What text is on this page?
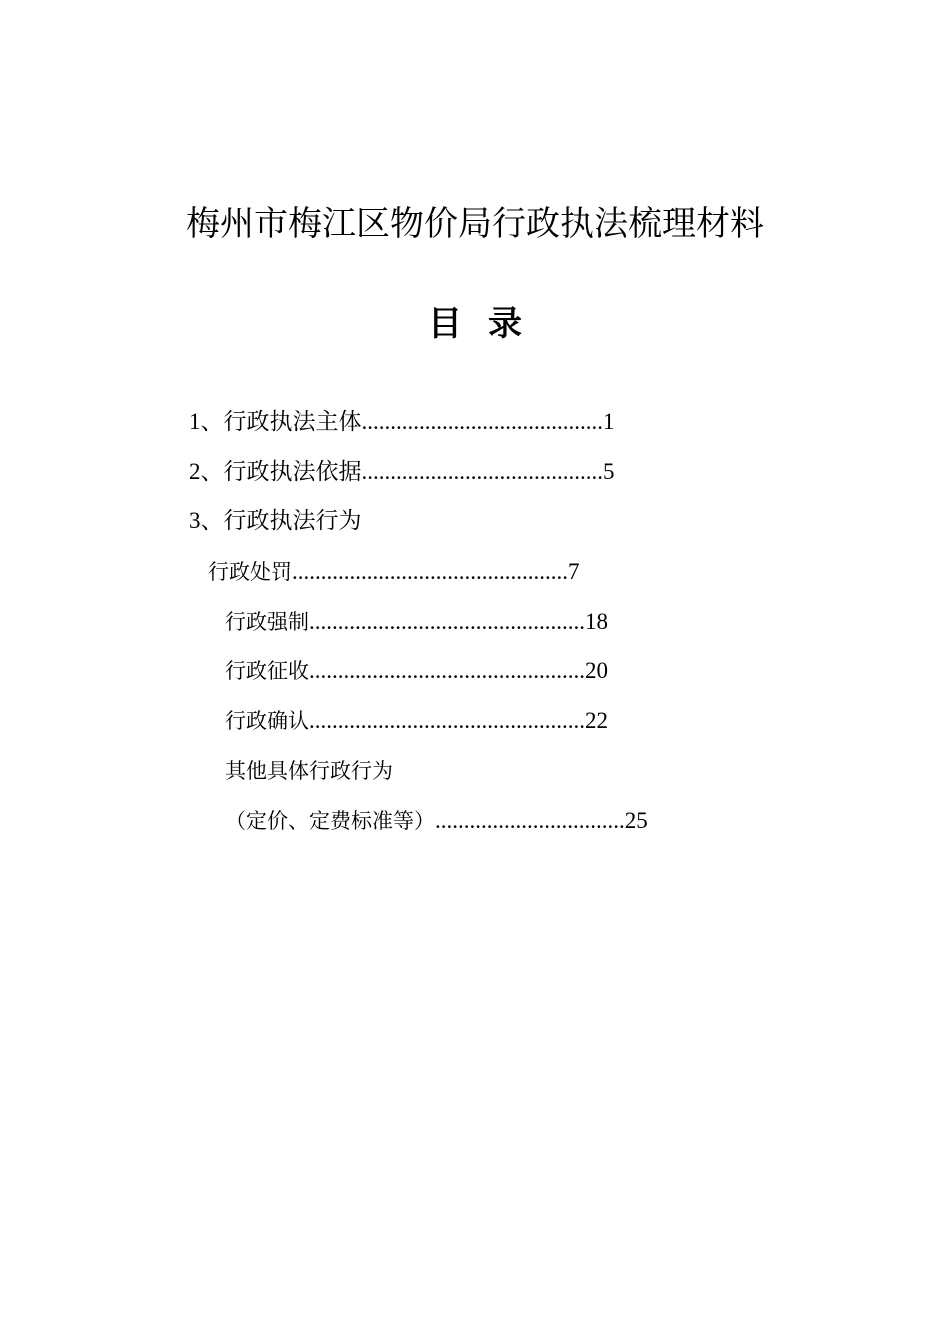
梅州市梅江区物价局行政执法梳理材料
目录
1、行政执法主体..........................................1
2、行政执法依据..........................................5
3、行政执法行为
行政处罚................................................7
行政强制................................................18
行政征收................................................20
行政确认................................................22
其他具体行政行为
（定价、定费标准等）.................................25
